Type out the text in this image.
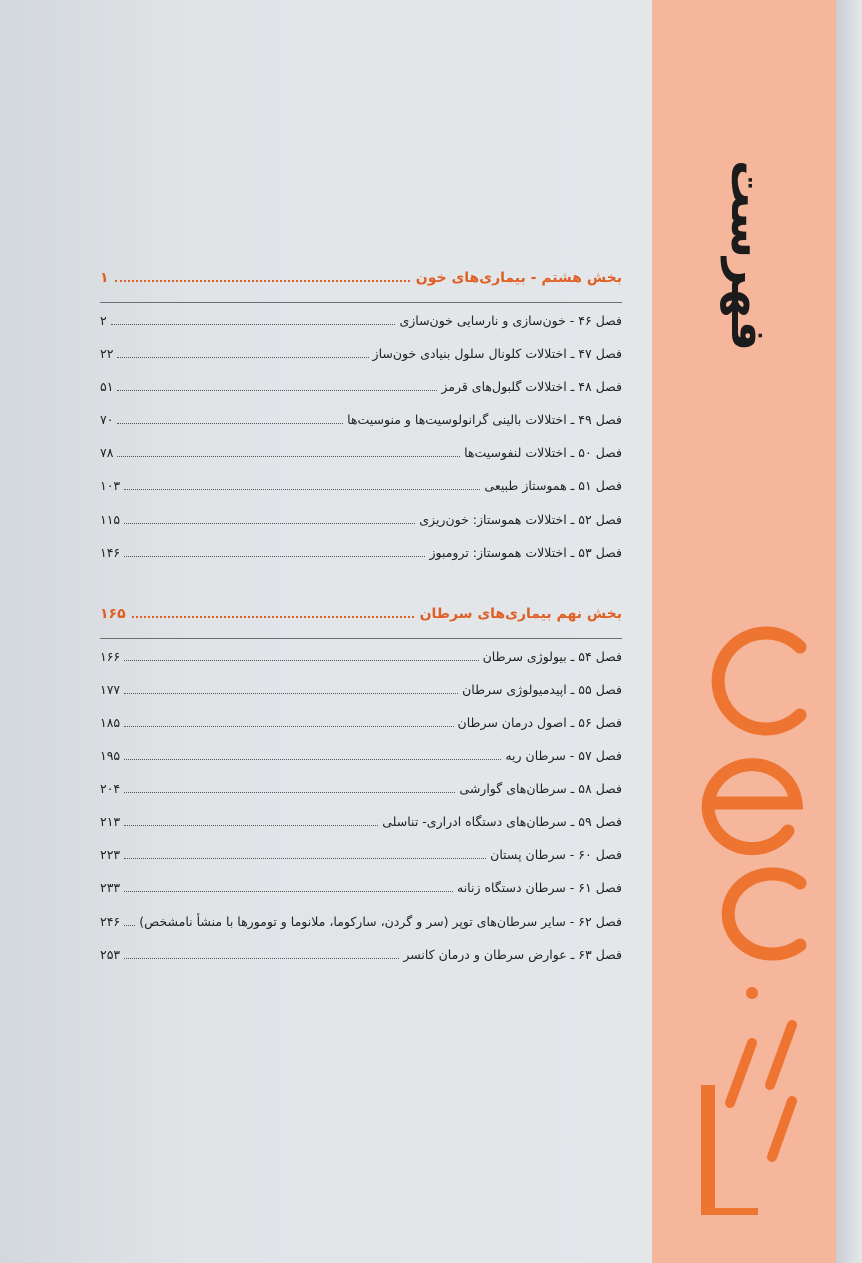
فهرست
بخش هشتم - بیماری‌های خون
۱
فصل ۴۶ - خون‌سازی و نارسایی خون‌سازی
۲
فصل ۴۷ ـ اختلالات کلونال سلول بنیادی خون‌ساز
۲۲
فصل ۴۸ ـ اختلالات گلبول‌های قرمز
۵۱
فصل ۴۹ ـ اختلالات بالینی گرانولوسیت‌ها و منوسیت‌ها
۷۰
فصل ۵۰ ـ اختلالات لنفوسیت‌ها
۷۸
فصل ۵۱ ـ هموستاز طبیعی
۱۰۳
فصل ۵۲ ـ اختلالات هموستاز: خون‌ریزی
۱۱۵
فصل ۵۳ ـ اختلالات هموستاز: ترومبوز
۱۴۶
بخش نهم بیماری‌های سرطان
۱۶۵
فصل ۵۴ ـ بیولوژی سرطان
۱۶۶
فصل ۵۵ ـ اپیدمیولوژی سرطان
۱۷۷
فصل ۵۶ ـ اصول درمان سرطان
۱۸۵
فصل ۵۷ - سرطان ریه
۱۹۵
فصل ۵۸ ـ سرطان‌های گوارشی
۲۰۴
فصل ۵۹ ـ سرطان‌های دستگاه ادراری- تناسلی
۲۱۳
فصل ۶۰ - سرطان پستان
۲۲۳
فصل ۶۱ - سرطان دستگاه زنانه
۲۳۳
فصل ۶۲ - سایر سرطان‌های توپر (سر و گردن، سارکوما، ملانوما و تومورها با منشأ نامشخص)
۲۴۶
فصل ۶۳ ـ عوارض سرطان و درمان کانسر
۲۵۳
